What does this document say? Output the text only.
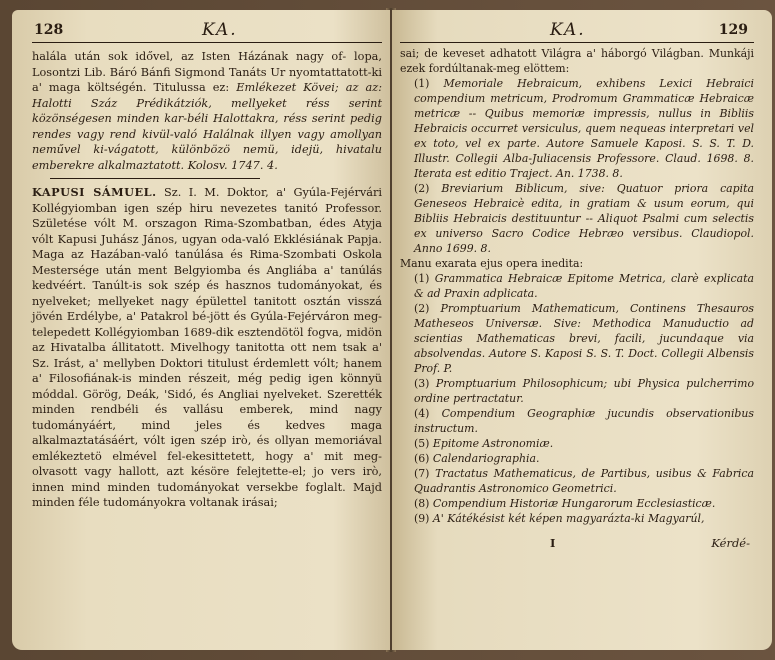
128	KA.

halála után sok idővel, az Isten Házának nagy of‑ lopa, Losontzi Lib. Báró Bánfi Sigmond Tanáts Ur nyomtattatott-ki a' maga költségén. Titulussa ez: Emlékezet Kövei; az az: Halotti Száz Prédikátziók, mellyeket réss serint közönségesen minden kar-béli Halottakra, réss serint pedig rendes vagy rend kivül-való Halálnak illyen vagy amollyan neművel ki-vágatott, különbözö nemü, idejü, hivatalu emberekre alkalmaztatott. Kolosv. 1747. 4.

KAPUSI SÁMUEL. Sz. I. M. Doktor, a' Gyúla-Fejérvári Kollégyiomban igen szép hiru nevezetes tanitó Professor. Születése vólt M. orszagon Rima-Szombatban, édes Atyja vólt Kapusi Juhász János, ugyan oda-való Ekklésiának Papja. Maga az Hazában-való tanúlása és Rima-Szombati Oskola Mestersége után ment Belgyiomba és Angliába a' tanúlás kedvéért. Tanúlt-is sok szép és hasznos tudományokat, és nyelveket; mellyeket nagy épülettel tanitott osztán visszá jövén Erdélybe, a' Patakrol bé-jött és Gyúla-Fejérváron meg-telepedett Kollégyiomban 1689-dik esztendötöl fogva, midön az Hivatalba állitatott. Mivelhogy tanitotta ott nem tsak a' Sz. Irást, a' mellyben Doktori titulust érdemlett vólt; hanem a' Filosofiának-is minden részeit, még pedig igen könnyü móddal. Görög, Deák, 'Sidó, és Angliai nyelveket. Szerették minden rendbéli és vallásu emberek, mind nagy tudományáért, mind jeles és kedves maga alkalmaztatásáért, vólt igen szép irò, és ollyan memoriával emlékeztetö elmével fel-ekesittetett, hogy a' mit meg-olvasott vagy hallott, azt késöre felejtette-el; jo vers irò, innen mind minden tudományokat versekbe foglalt. Majd minden féle tudományokra voltanak irásai;

KA.	129

sai; de keveset adhatott Világra a' háborgó Világban. Munkáji ezek fordúltanak-meg elöttem:

(1) Memoriale Hebraicum, exhibens Lexici Hebraici compendium metricum, Prodromum Grammaticæ Hebraicæ metricæ -- Quibus memoriæ impressis, nullus in Bibliis Hebraicis occurret versiculus, quem nequeas interpretari vel ex toto, vel ex parte. Autore Samuele Kaposi. S. S. T. D. Illustr. Collegii Alba-Juliacensis Professore. Claud. 1698. 8. Iterata est editio Traject. An. 1738. 8.

(2) Breviarium Biblicum, sive: Quatuor priora capita Geneseos Hebraicè edita, in gratiam & usum eorum, qui Bibliis Hebraicis destituuntur -- Aliquot Psalmi cum selectis ex universo Sacro Codice Hebræo versibus. Claudiopol. Anno 1699. 8.

Manu exarata ejus opera inedita:

(1) Grammatica Hebraicæ Epitome Metrica, clarè explicata & ad Praxin adplicata.

(2) Promptuarium Mathematicum, Continens Thesauros Matheseos Universæ. Sive: Methodica Manuductio ad scientias Mathematicas brevi, facili, jucundaque via absolvendas. Autore S. Kaposi S. S. T. Doct. Collegii Albensis Prof. P.

(3) Promptuarium Philosophicum; ubi Physica pulcherrimo ordine pertractatur.

(4) Compendium Geographiæ jucundis observationibus instructum.

(5) Epitome Astronomiæ.

(6) Calendariographia.

(7) Tractatus Mathematicus, de Partibus, usibus & Fabrica Quadrantis Astronomico Geometrici.

(8) Compendium Historiæ Hungarorum Ecclesiasticæ.

(9) A' Kátékésist két képen magyarázta-ki Magyarúl,

I	Kérdé-
